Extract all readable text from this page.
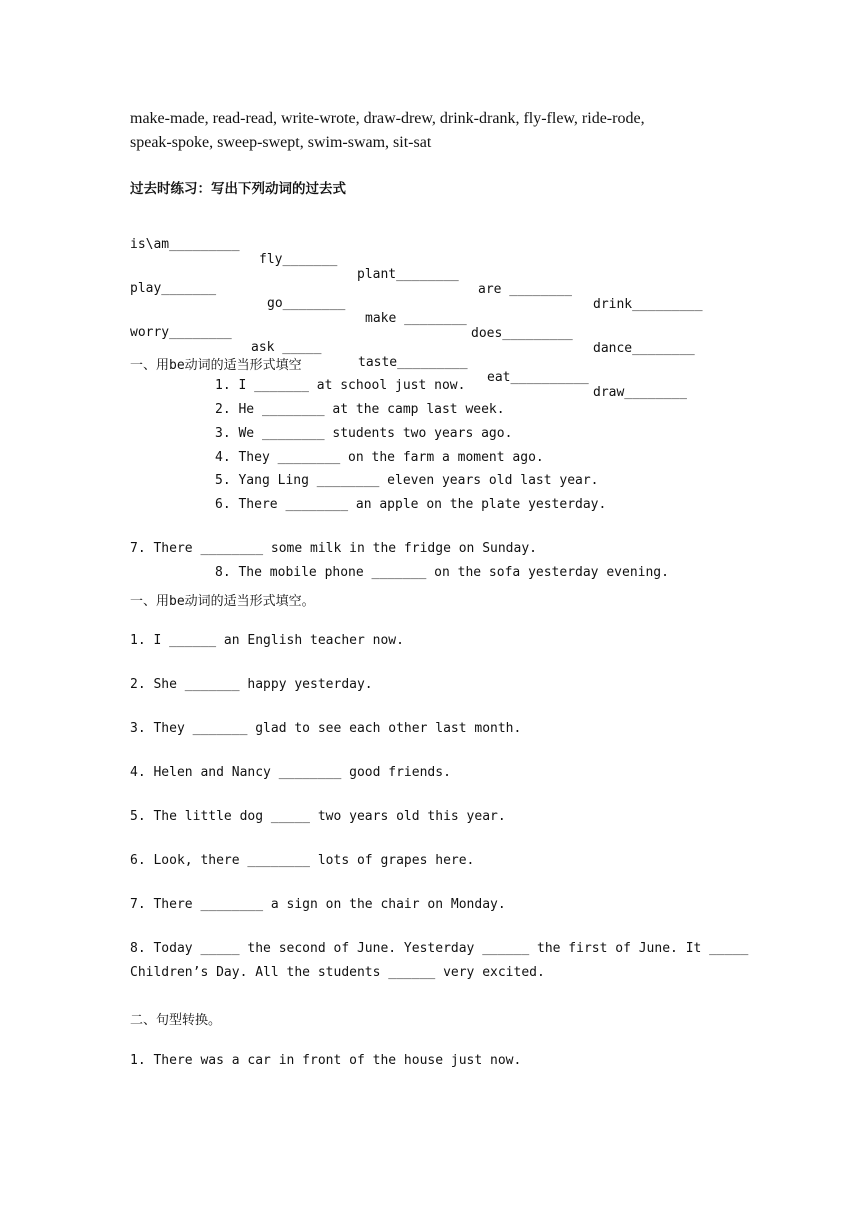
make-made, read-read, write-wrote, draw-drew, drink-drank, fly-flew, ride-rode,
speak-spoke, sweep-swept, swim-swam, sit-sat
过去时练习：写出下列动词的过去式

is\am_________

fly_______

plant________

are ________

drink_________

play_______

go________

make ________

does_________

dance________

worry________

ask _____

taste_________

eat__________

draw________

一、用be动词的适当形式填空
1. I _______ at school just now.
2. He ________ at the camp last week.
3. We ________ students two years ago.
4. They ________ on the farm a moment ago.
5. Yang Ling ________ eleven years old last year.
6. There ________ an apple on the plate yesterday.
7. There ________ some milk in the fridge on Sunday.
8. The mobile phone _______ on the sofa yesterday evening.
一、用be动词的适当形式填空。
1. I ______ an English teacher now.
2. She _______ happy yesterday.
3. They _______ glad to see each other last month.
4. Helen and Nancy ________ good friends.
5. The little dog _____ two years old this year.
6. Look, there ________ lots of grapes here.
7. There ________ a sign on the chair on Monday.
8. Today _____ the second of June. Yesterday ______ the first of June. It _____
Children’s Day. All the students ______ very excited.
二、句型转换。
1. There was a car in front of the house just now.
